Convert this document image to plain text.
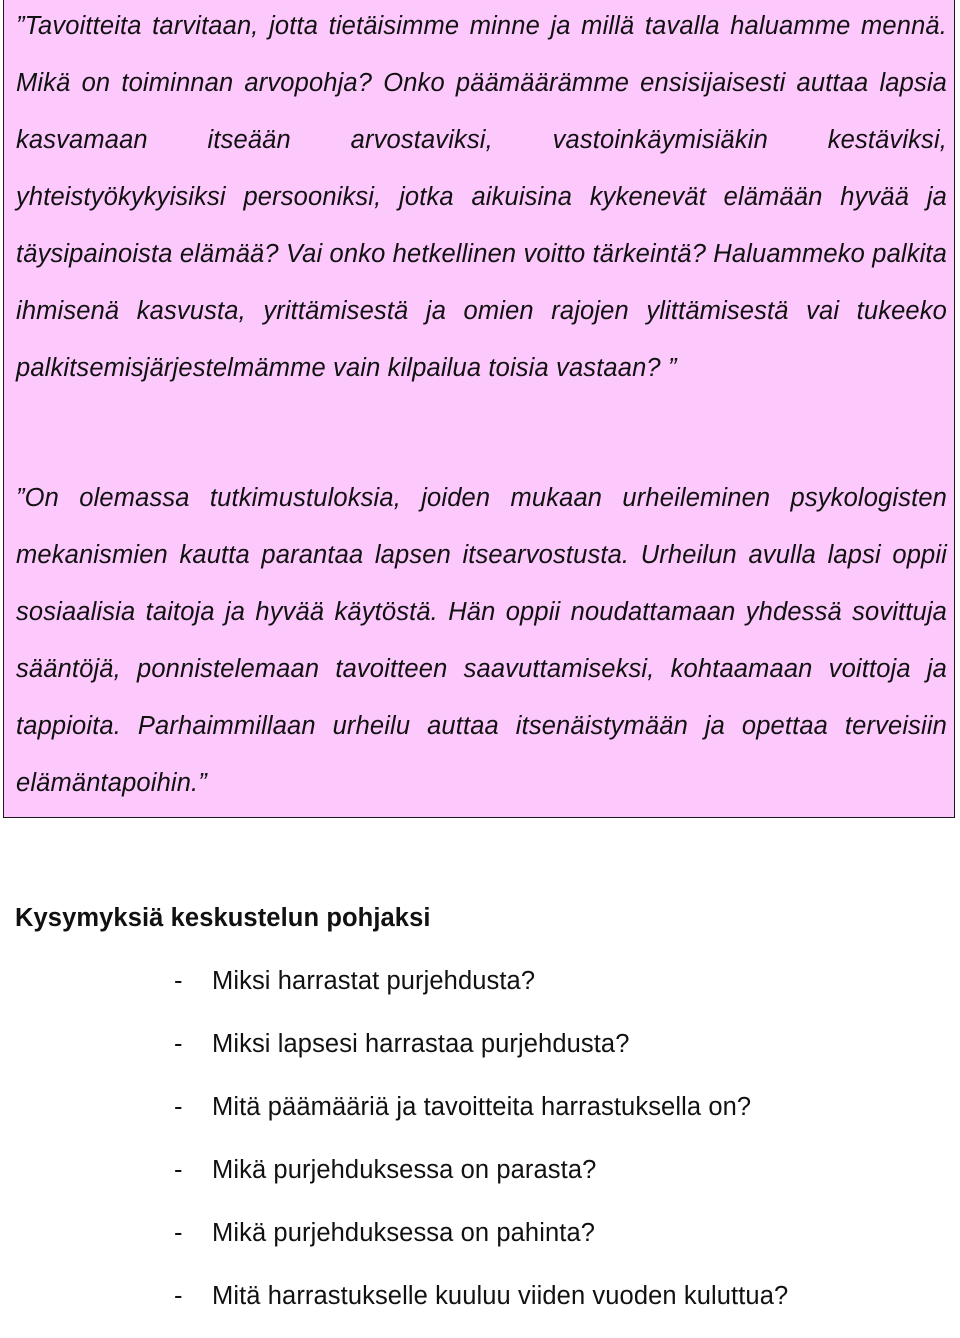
”Tavoitteita tarvitaan, jotta tietäisimme minne ja millä tavalla haluamme mennä. Mikä on toiminnan arvopohja? Onko päämäärämme ensisijaisesti auttaa lapsia kasvamaan itseään arvostaviksi, vastoinkäymisiäkin kestäviksi, yhteistyökykyisiksi persooniksi, jotka aikuisina kykenevät elämään hyvää ja täysipainoista elämää? Vai onko hetkellinen voitto tärkeintä? Haluammeko palkita ihmisenä kasvusta, yrittämisestä ja omien rajojen ylittämisestä vai tukeeko palkitsemisjärjestelmämme vain kilpailua toisia vastaan? ”

”On olemassa tutkimustuloksia, joiden mukaan urheileminen psykologisten mekanismien kautta parantaa lapsen itsearvostusta. Urheilun avulla lapsi oppii sosiaalisia taitoja ja hyvää käytöstä. Hän oppii noudattamaan yhdessä sovittuja sääntöjä, ponnistelemaan tavoitteen saavuttamiseksi, kohtaamaan voittoja ja tappioita. Parhaimmillaan urheilu auttaa itsenäistymään ja opettaa terveisiin elämäntapoihin.”

Kysymyksiä keskustelun pohjaksi
-	Miksi harrastat purjehdusta?
-	Miksi lapsesi harrastaa purjehdusta?
-	Mitä päämääriä ja tavoitteita harrastuksella on?
-	Mikä purjehduksessa on parasta?
-	Mikä purjehduksessa on pahinta?
-	Mitä harrastukselle kuuluu viiden vuoden kuluttua?
